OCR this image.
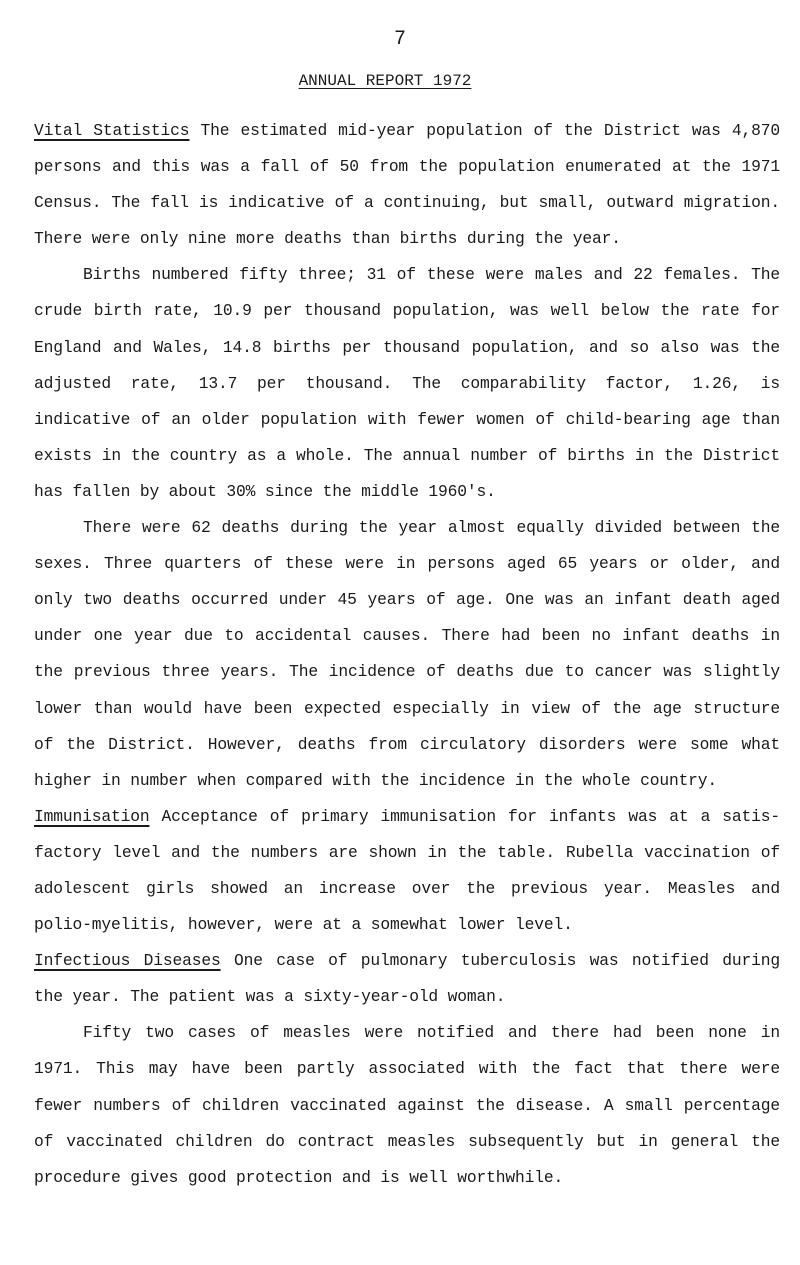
7
ANNUAL REPORT 1972

Vital Statistics The estimated mid-year population of the District was 4,870 persons and this was a fall of 50 from the population enumerated at the 1971 Census. The fall is indicative of a continuing, but small, outward migration. There were only nine more deaths than births during the year.

Births numbered fifty three; 31 of these were males and 22 females. The crude birth rate, 10.9 per thousand population, was well below the rate for England and Wales, 14.8 births per thousand population, and so also was the adjusted rate, 13.7 per thousand. The comparability factor, 1.26, is indicative of an older population with fewer women of child-bearing age than exists in the country as a whole. The annual number of births in the District has fallen by about 30% since the middle 1960's.

There were 62 deaths during the year almost equally divided between the sexes. Three quarters of these were in persons aged 65 years or older, and only two deaths occurred under 45 years of age. One was an infant death aged under one year due to accidental causes. There had been no infant deaths in the previous three years. The incidence of deaths due to cancer was slightly lower than would have been expected especially in view of the age structure of the District. However, deaths from circulatory disorders were some what higher in number when compared with the incidence in the whole country.

Immunisation Acceptance of primary immunisation for infants was at a satis-factory level and the numbers are shown in the table. Rubella vaccination of adolescent girls showed an increase over the previous year. Measles and polio-myelitis, however, were at a somewhat lower level.

Infectious Diseases One case of pulmonary tuberculosis was notified during the year. The patient was a sixty-year-old woman.

Fifty two cases of measles were notified and there had been none in 1971. This may have been partly associated with the fact that there were fewer numbers of children vaccinated against the disease. A small percentage of vaccinated children do contract measles subsequently but in general the procedure gives good protection and is well worthwhile.
